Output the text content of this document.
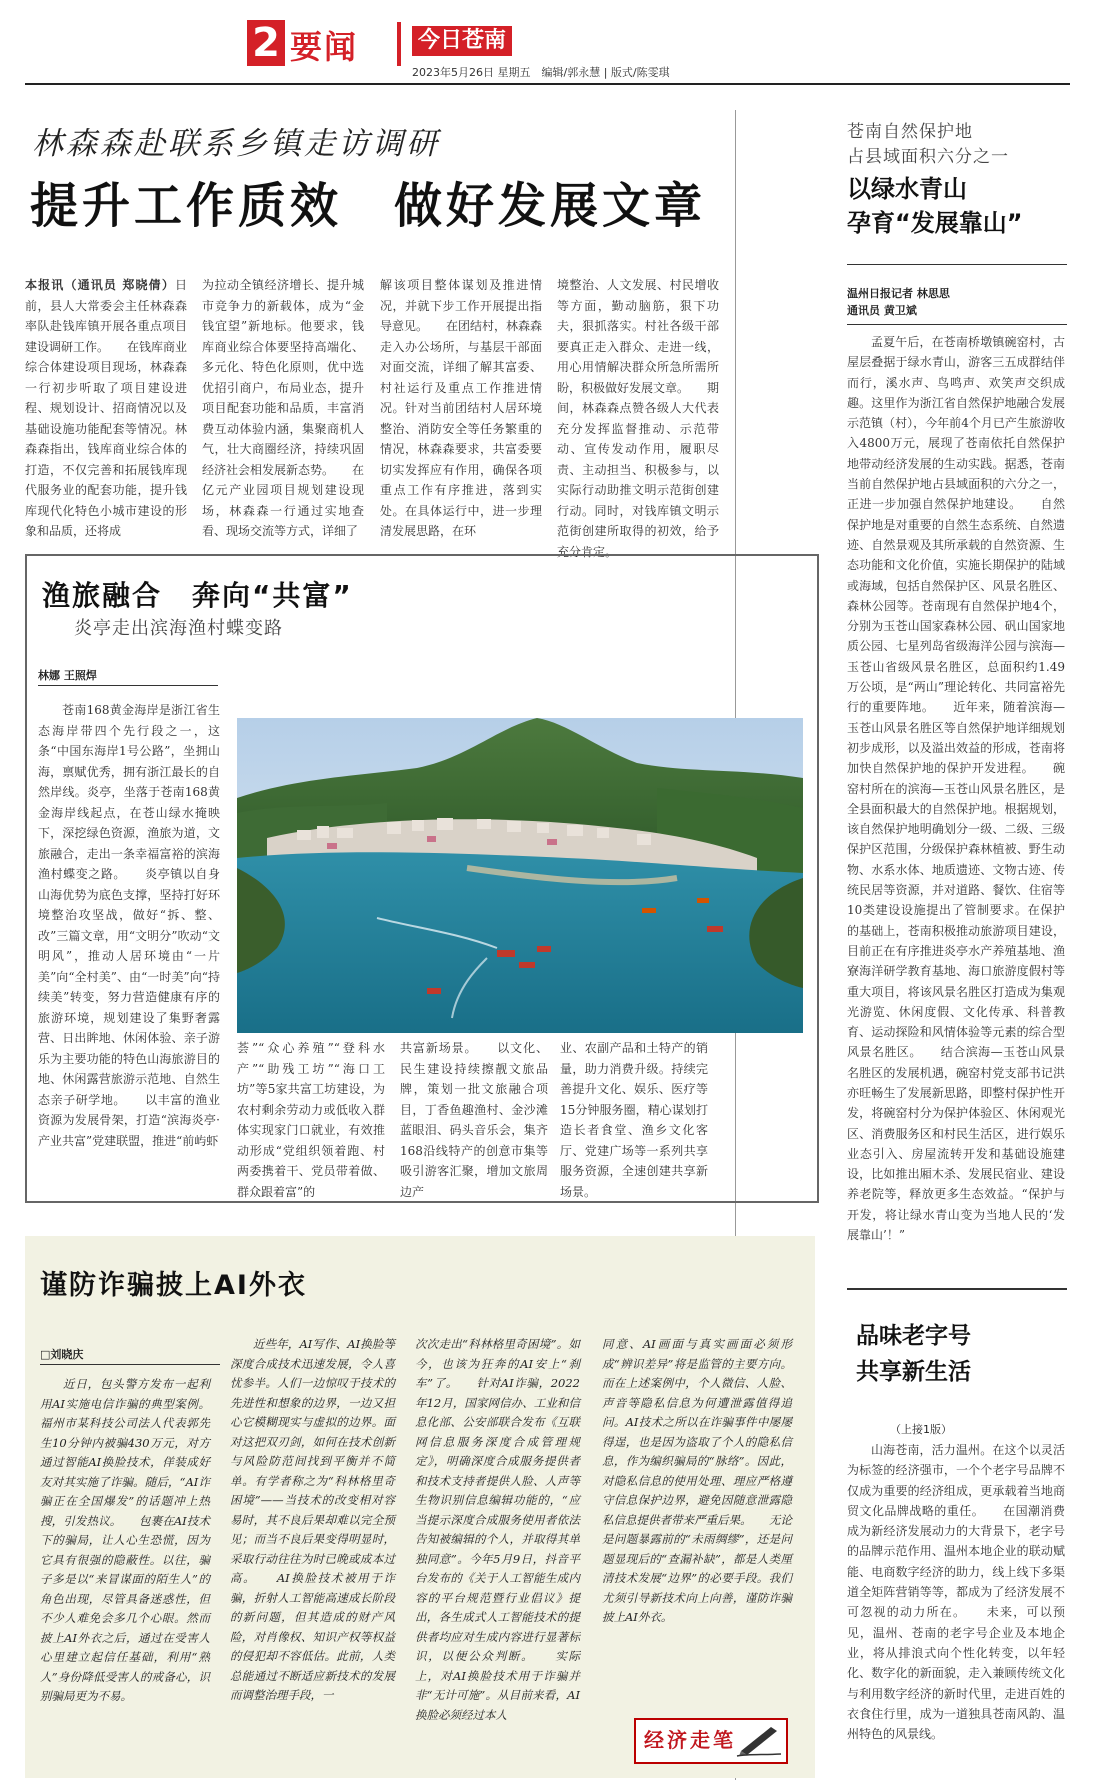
2 要闻	今日苍南
2023年5月26日 星期五　编辑/郭永慧 | 版式/陈雯琪
林森森赴联系乡镇走访调研
提升工作质效　做好发展文章

本报讯（通讯员 郑晓倩）日前，县人大常委会主任林森森率队赴钱库镇开展各重点项目建设调研工作。　　在钱库商业综合体建设项目现场，林森森一行初步听取了项目建设进程、规划设计、招商情况以及基础设施功能配套等情况。林森森指出，钱库商业综合体的打造，不仅完善和拓展钱库现代服务业的配套功能，提升钱库现代化特色小城市建设的形象和品质，还将成

为拉动全镇经济增长、提升城市竞争力的新载体，成为“金钱宜望”新地标。他要求，钱库商业综合体要坚持高端化、多元化、特色化原则，优中选优招引商户，布局业态，提升项目配套功能和品质，丰富消费互动体验内涵，集聚商机人气，壮大商圈经济，持续巩固经济社会相发展新态势。　　在亿元产业园项目规划建设现场，林森森一行通过实地查看、现场交流等方式，详细了

解该项目整体谋划及推进情况，并就下步工作开展提出指导意见。　　在团结村，林森森走入办公场所，与基层干部面对面交流，详细了解其富委、村社运行及重点工作推进情况。针对当前团结村人居环境整治、消防安全等任务繁重的情况，林森森要求，共富委要切实发挥应有作用，确保各项重点工作有序推进，落到实处。在具体运行中，进一步理清发展思路，在环

境整治、人文发展、村民增收等方面，勤动脑筋，狠下功夫，狠抓落实。村社各级干部要真正走入群众、走进一线，用心用情解决群众所急所需所盼，积极做好发展文章。　　期间，林森森点赞各级人大代表充分发挥监督推动、示范带动、宣传发动作用，履职尽责、主动担当、积极参与，以实际行动助推文明示范街创建行动。同时，对钱库镇文明示范街创建所取得的初效，给予充分肯定。

苍南自然保护地
占县域面积六分之一
以绿水青山
孕育“发展靠山”
温州日报记者 林思思
通讯员 黄卫斌

孟夏午后，在苍南桥墩镇碗窑村，古屋层叠据于绿水青山，游客三五成群结伴而行，溪水声、鸟鸣声、欢笑声交织成趣。这里作为浙江省自然保护地融合发展示范镇（村），今年前4个月已产生旅游收入4800万元，展现了苍南依托自然保护地带动经济发展的生动实践。据悉，苍南当前自然保护地占县域面积的六分之一，正进一步加强自然保护地建设。　　自然保护地是对重要的自然生态系统、自然遗迹、自然景观及其所承载的自然资源、生态功能和文化价值，实施长期保护的陆域或海域，包括自然保护区、风景名胜区、森林公园等。苍南现有自然保护地4个，分别为玉苍山国家森林公园、矾山国家地质公园、七星列岛省级海洋公园与滨海—玉苍山省级风景名胜区，总面积约1.49万公顷，是“两山”理论转化、共同富裕先行的重要阵地。　　近年来，随着滨海—玉苍山风景名胜区等自然保护地详细规划初步成形，以及溢出效益的形成，苍南将加快自然保护地的保护开发进程。　　碗窑村所在的滨海—玉苍山风景名胜区，是全县面积最大的自然保护地。根据规划，该自然保护地明确划分一级、二级、三级保护区范围，分级保护森林植被、野生动物、水系水体、地质遗迹、文物古迹、传统民居等资源，并对道路、餐饮、住宿等10类建设设施提出了管制要求。在保护的基础上，苍南积极推动旅游项目建设，目前正在有序推进炎亭水产养殖基地、渔寮海洋研学教育基地、海口旅游度假村等重大项目，将该风景名胜区打造成为集观光游览、休闲度假、文化传承、科普教育、运动探险和风情体验等元素的综合型风景名胜区。　　结合滨海—玉苍山风景名胜区的发展机遇，碗窑村党支部书记洪亦旺畅生了发展新思路，即整村保护性开发，将碗窑村分为保护体验区、休闲观光区、消费服务区和村民生活区，进行娱乐业态引入、房屋流转开发和基础设施建设，比如推出厢木杀、发展民宿业、建设养老院等，释放更多生态效益。“保护与开发，将让绿水青山变为当地人民的‘发展靠山’！”

渔旅融合　奔向“共富”
炎亭走出滨海渔村蝶变路
林娜 王照焊

苍南168黄金海岸是浙江省生态海岸带四个先行段之一，这条“中国东海岸1号公路”，坐拥山海，禀赋优秀，拥有浙江最长的自然岸线。炎亭，坐落于苍南168黄金海岸线起点，在苍山绿水掩映下，深挖绿色资源，渔旅为道，文旅融合，走出一条幸福富裕的滨海渔村蝶变之路。　　炎亭镇以自身山海优势为底色支撑，坚持打好环境整治攻坚战，做好“拆、整、改”三篇文章，用“文明分”吹动“文明风”，推动人居环境由“一片美”向“全村美”、由“一时美”向“持续美”转变，努力营造健康有序的旅游环境，规划建设了集野奢露营、日出眸地、休闲体验、亲子游乐为主要功能的特色山海旅游目的地、休闲露营旅游示范地、自然生态亲子研学地。　　以丰富的渔业资源为发展骨架，打造“滨海炎亭·产业共富”党建联盟，推进“前屿虾

荟”“众心养殖”“登科水产”“助残工坊”“海口工坊”等5家共富工坊建设，为农村剩余劳动力或低收入群体实现家门口就业，有效推动形成“党组织领着跑、村两委携着干、党员带着做、群众跟着富”的

共富新场景。　　以文化、民生建设持续擦靓文旅品牌，策划一批文旅融合项目，丁香鱼趣渔村、金沙滩蓝眼泪、码头音乐会，集齐168沿线特产的创意市集等吸引游客汇聚，增加文旅周边产

业、农副产品和土特产的销量，助力消费升级。持续完善提升文化、娱乐、医疗等15分钟服务圈，精心谋划打造长者食堂、渔乡文化客厅、党建广场等一系列共享服务资源，全速创建共享新场景。

谨防诈骗披上AI外衣
□刘晓庆

近日，包头警方发布一起利用AI实施电信诈骗的典型案例。福州市某科技公司法人代表郭先生10分钟内被骗430万元，对方通过智能AI换脸技术，佯装成好友对其实施了诈骗。随后，“AI诈骗正在全国爆发”的话题冲上热搜，引发热议。　　包裹在AI技术下的骗局，让人心生恐慌，因为它具有很强的隐蔽性。以往，骗子多是以“来冒谋面的陌生人”的角色出现，尽管具备迷惑性，但不少人难免会多几个心眼。然而披上AI外衣之后，通过在受害人心里建立起信任基础，利用“熟人”身份降低受害人的戒备心，识别骗局更为不易。

近些年，AI写作、AI换脸等深度合成技术迅速发展，令人喜忧参半。人们一边惊叹于技术的先进性和想象的边界，一边又担心它模糊现实与虚拟的边界。面对这把双刃剑，如何在技术创新与风险防范间找到平衡并不简单。有学者称之为“科林格里奇困境”——当技术的改变相对容易时，其不良后果却难以完全预见；而当不良后果变得明显时，采取行动往往为时已晚或成本过高。　　AI换脸技术被用于诈骗，折射人工智能高速成长阶段的新问题，但其造成的财产风险，对肖像权、知识产权等权益的侵犯却不容低估。此前，人类总能通过不断适应新技术的发展而调整治理手段，一

次次走出“科林格里奇困境”。如今，也该为狂奔的AI安上“刹车”了。　　针对AI诈骗，2022年12月，国家网信办、工业和信息化部、公安部联合发布《互联网信息服务深度合成管理规定》，明确深度合成服务提供者和技术支持者提供人脸、人声等生物识别信息编辑功能的，“应当提示深度合成服务使用者依法告知被编辑的个人，并取得其单独同意”。今年5月9日，抖音平台发布的《关于人工智能生成内容的平台规范暨行业倡议》提出，各生成式人工智能技术的提供者均应对生成内容进行显著标识，以便公众判断。　　实际上，对AI换脸技术用于诈骗并非“无计可施”。从目前来看，AI换脸必须经过本人

同意、AI画面与真实画面必须形成“辨识差异”将是监管的主要方向。而在上述案例中，个人微信、人脸、声音等隐私信息为何遭泄露值得追问。AI技术之所以在诈骗事件中屡屡得逞，也是因为盗取了个人的隐私信息，作为编织骗局的“脉络”。因此，对隐私信息的使用处理、理应严格遵守信息保护边界，避免因随意泄露隐私信息提供者带来严重后果。　　无论是问题暴露前的“未雨绸缪”，还是问题显现后的“查漏补缺”，都是人类厘清技术发展“边界”的必要手段。我们尤须引导新技术向上向善，谨防诈骗披上AI外衣。

经济走笔
品味老字号
共享新生活
（上接1版）

山海苍南，活力温州。在这个以灵活为标签的经济强市，一个个老字号品牌不仅成为重要的经济组成，更承载着当地商贸文化品牌战略的重任。　　在国潮消费成为新经济发展动力的大背景下，老字号的品牌示范作用、温州本地企业的联动赋能、电商数字经济的助力，线上线下多渠道全矩阵营销等等，都成为了经济发展不可忽视的动力所在。　　未来，可以预见，温州、苍南的老字号企业及本地企业，将从排浪式向个性化转变，以年轻化、数字化的新面貌，走入兼顾传统文化与利用数字经济的新时代里，走进百姓的衣食住行里，成为一道独具苍南风韵、温州特色的风景线。
